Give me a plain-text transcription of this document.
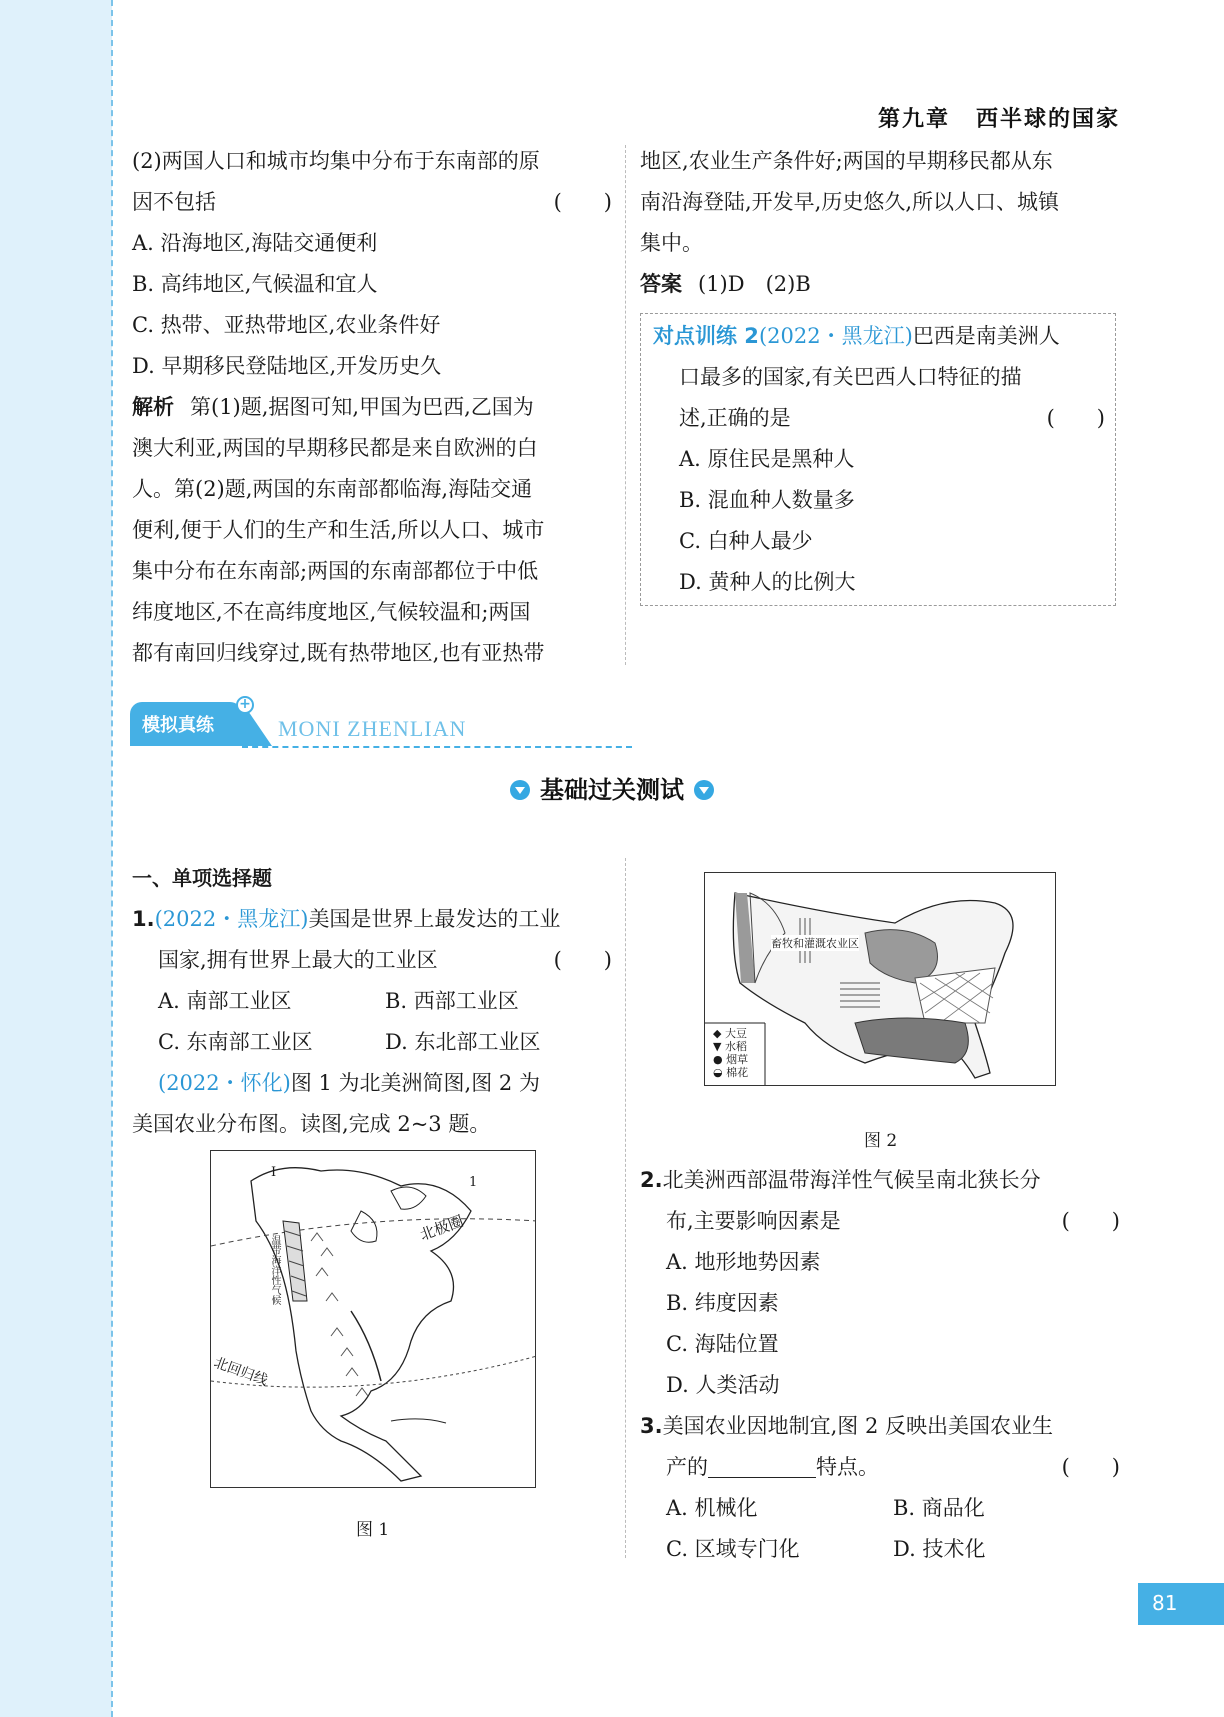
第九章 西半球的国家

(2)两国人口和城市均集中分布于东南部的原

因不包括	(　　)

A. 沿海地区,海陆交通便利

B. 高纬地区,气候温和宜人

C. 热带、亚热带地区,农业条件好

D. 早期移民登陆地区,开发历史久

解析 第(1)题,据图可知,甲国为巴西,乙国为

澳大利亚,两国的早期移民都是来自欧洲的白

人。第(2)题,两国的东南部都临海,海陆交通

便利,便于人们的生产和生活,所以人口、城市

集中分布在东南部;两国的东南部都位于中低

纬度地区,不在高纬度地区,气候较温和;两国

都有南回归线穿过,既有热带地区,也有亚热带

地区,农业生产条件好;两国的早期移民都从东

南沿海登陆,开发早,历史悠久,所以人口、城镇

集中。

答案 (1)D　(2)B

对点训练 2(2022・黑龙江)巴西是南美洲人

口最多的国家,有关巴西人口特征的描

述,正确的是	(　　)

A. 原住民是黑种人

B. 混血种人数量多

C. 白种人最少

D. 黄种人的比例大

模拟真练
+
MONI ZHENLIAN
基础过关测试

一、单项选择题

1.(2022・黑龙江)美国是世界上最发达的工业

国家,拥有世界上最大的工业区	(　　)

A. 南部工业区	B. 西部工业区
C. 东南部工业区	D. 东北部工业区

(2022・怀化)图 1 为北美洲简图,图 2 为

美国农业分布图。读图,完成 2~3 题。

北极圈
北回归线
温带海洋性气候
1
I
图 1
畜牧和灌溉农业区
◆ 大豆
▼ 水稻
● 烟草
◒ 棉花
图 2

2.北美洲西部温带海洋性气候呈南北狭长分

布,主要影响因素是	(　　)

A. 地形地势因素

B. 纬度因素

C. 海陆位置

D. 人类活动

3.美国农业因地制宜,图 2 反映出美国农业生

产的	特点。	(　　)

A. 机械化	B. 商品化
C. 区域专门化	D. 技术化
81
